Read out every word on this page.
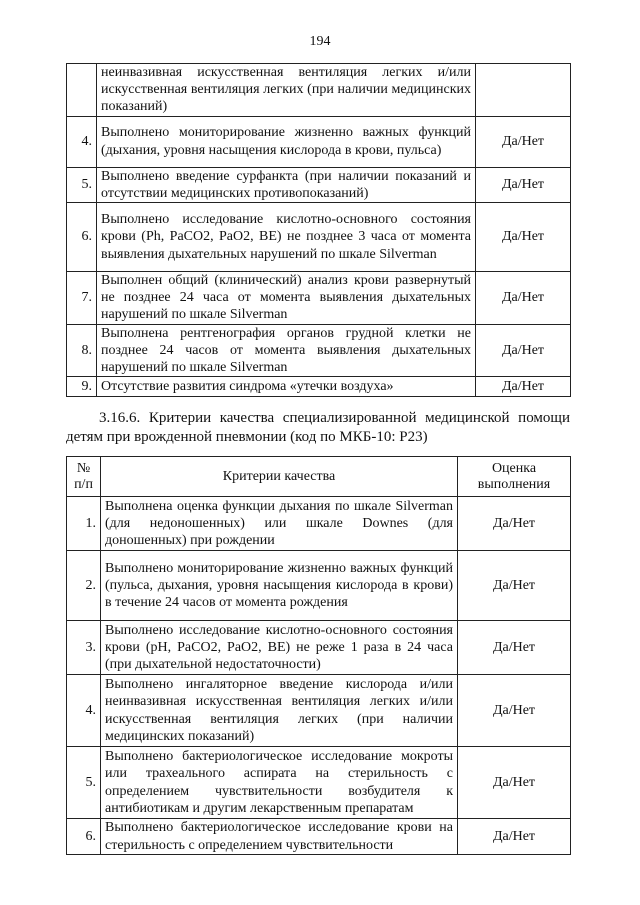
194
	неинвазивная искусственная вентиляция легких и/или искусственная вентиляция легких (при наличии медицинских показаний)	
4.	Выполнено мониторирование жизненно важных функций (дыхания, уровня насыщения кислорода в крови, пульса)	Да/Нет
5.	Выполнено введение сурфанкта (при наличии показаний и отсутствии медицинских противопоказаний)	Да/Нет
6.	Выполнено исследование кислотно-основного состояния крови (Ph, PaCO2, PaO2, BE) не позднее 3 часа от момента выявления дыхательных нарушений по шкале Silverman	Да/Нет
7.	Выполнен общий (клинический) анализ крови развернутый не позднее 24 часа от момента выявления дыхательных нарушений по шкале Silverman	Да/Нет
8.	Выполнена рентгенография органов грудной клетки не позднее 24 часов от момента выявления дыхательных нарушений по шкале Silverman	Да/Нет
9.	Отсутствие развития синдрома «утечки воздуха»	Да/Нет
3.16.6. Критерии качества специализированной медицинской помощи детям при врожденной пневмонии (код по МКБ-10: P23)
№
п/п	Критерии качества	Оценка
выполнения
1.	Выполнена оценка функции дыхания по шкале Silverman (для недоношенных) или шкале Downes (для доношенных) при рождении	Да/Нет
2.	Выполнено мониторирование жизненно важных функций (пульса, дыхания, уровня насыщения кислорода в крови) в течение 24 часов от момента рождения	Да/Нет
3.	Выполнено исследование кислотно-основного состояния крови (pH, PaCO2, PaO2, BE) не реже 1 раза в 24 часа (при дыхательной недостаточности)	Да/Нет
4.	Выполнено ингаляторное введение кислорода и/или неинвазивная искусственная вентиляция легких и/или искусственная вентиляция легких (при наличии медицинских показаний)	Да/Нет
5.	Выполнено бактериологическое исследование мокроты или трахеального аспирата на стерильность с определением чувствительности возбудителя к антибиотикам и другим лекарственным препаратам	Да/Нет
6.	Выполнено бактериологическое исследование крови на стерильность с определением чувствительности	Да/Нет
